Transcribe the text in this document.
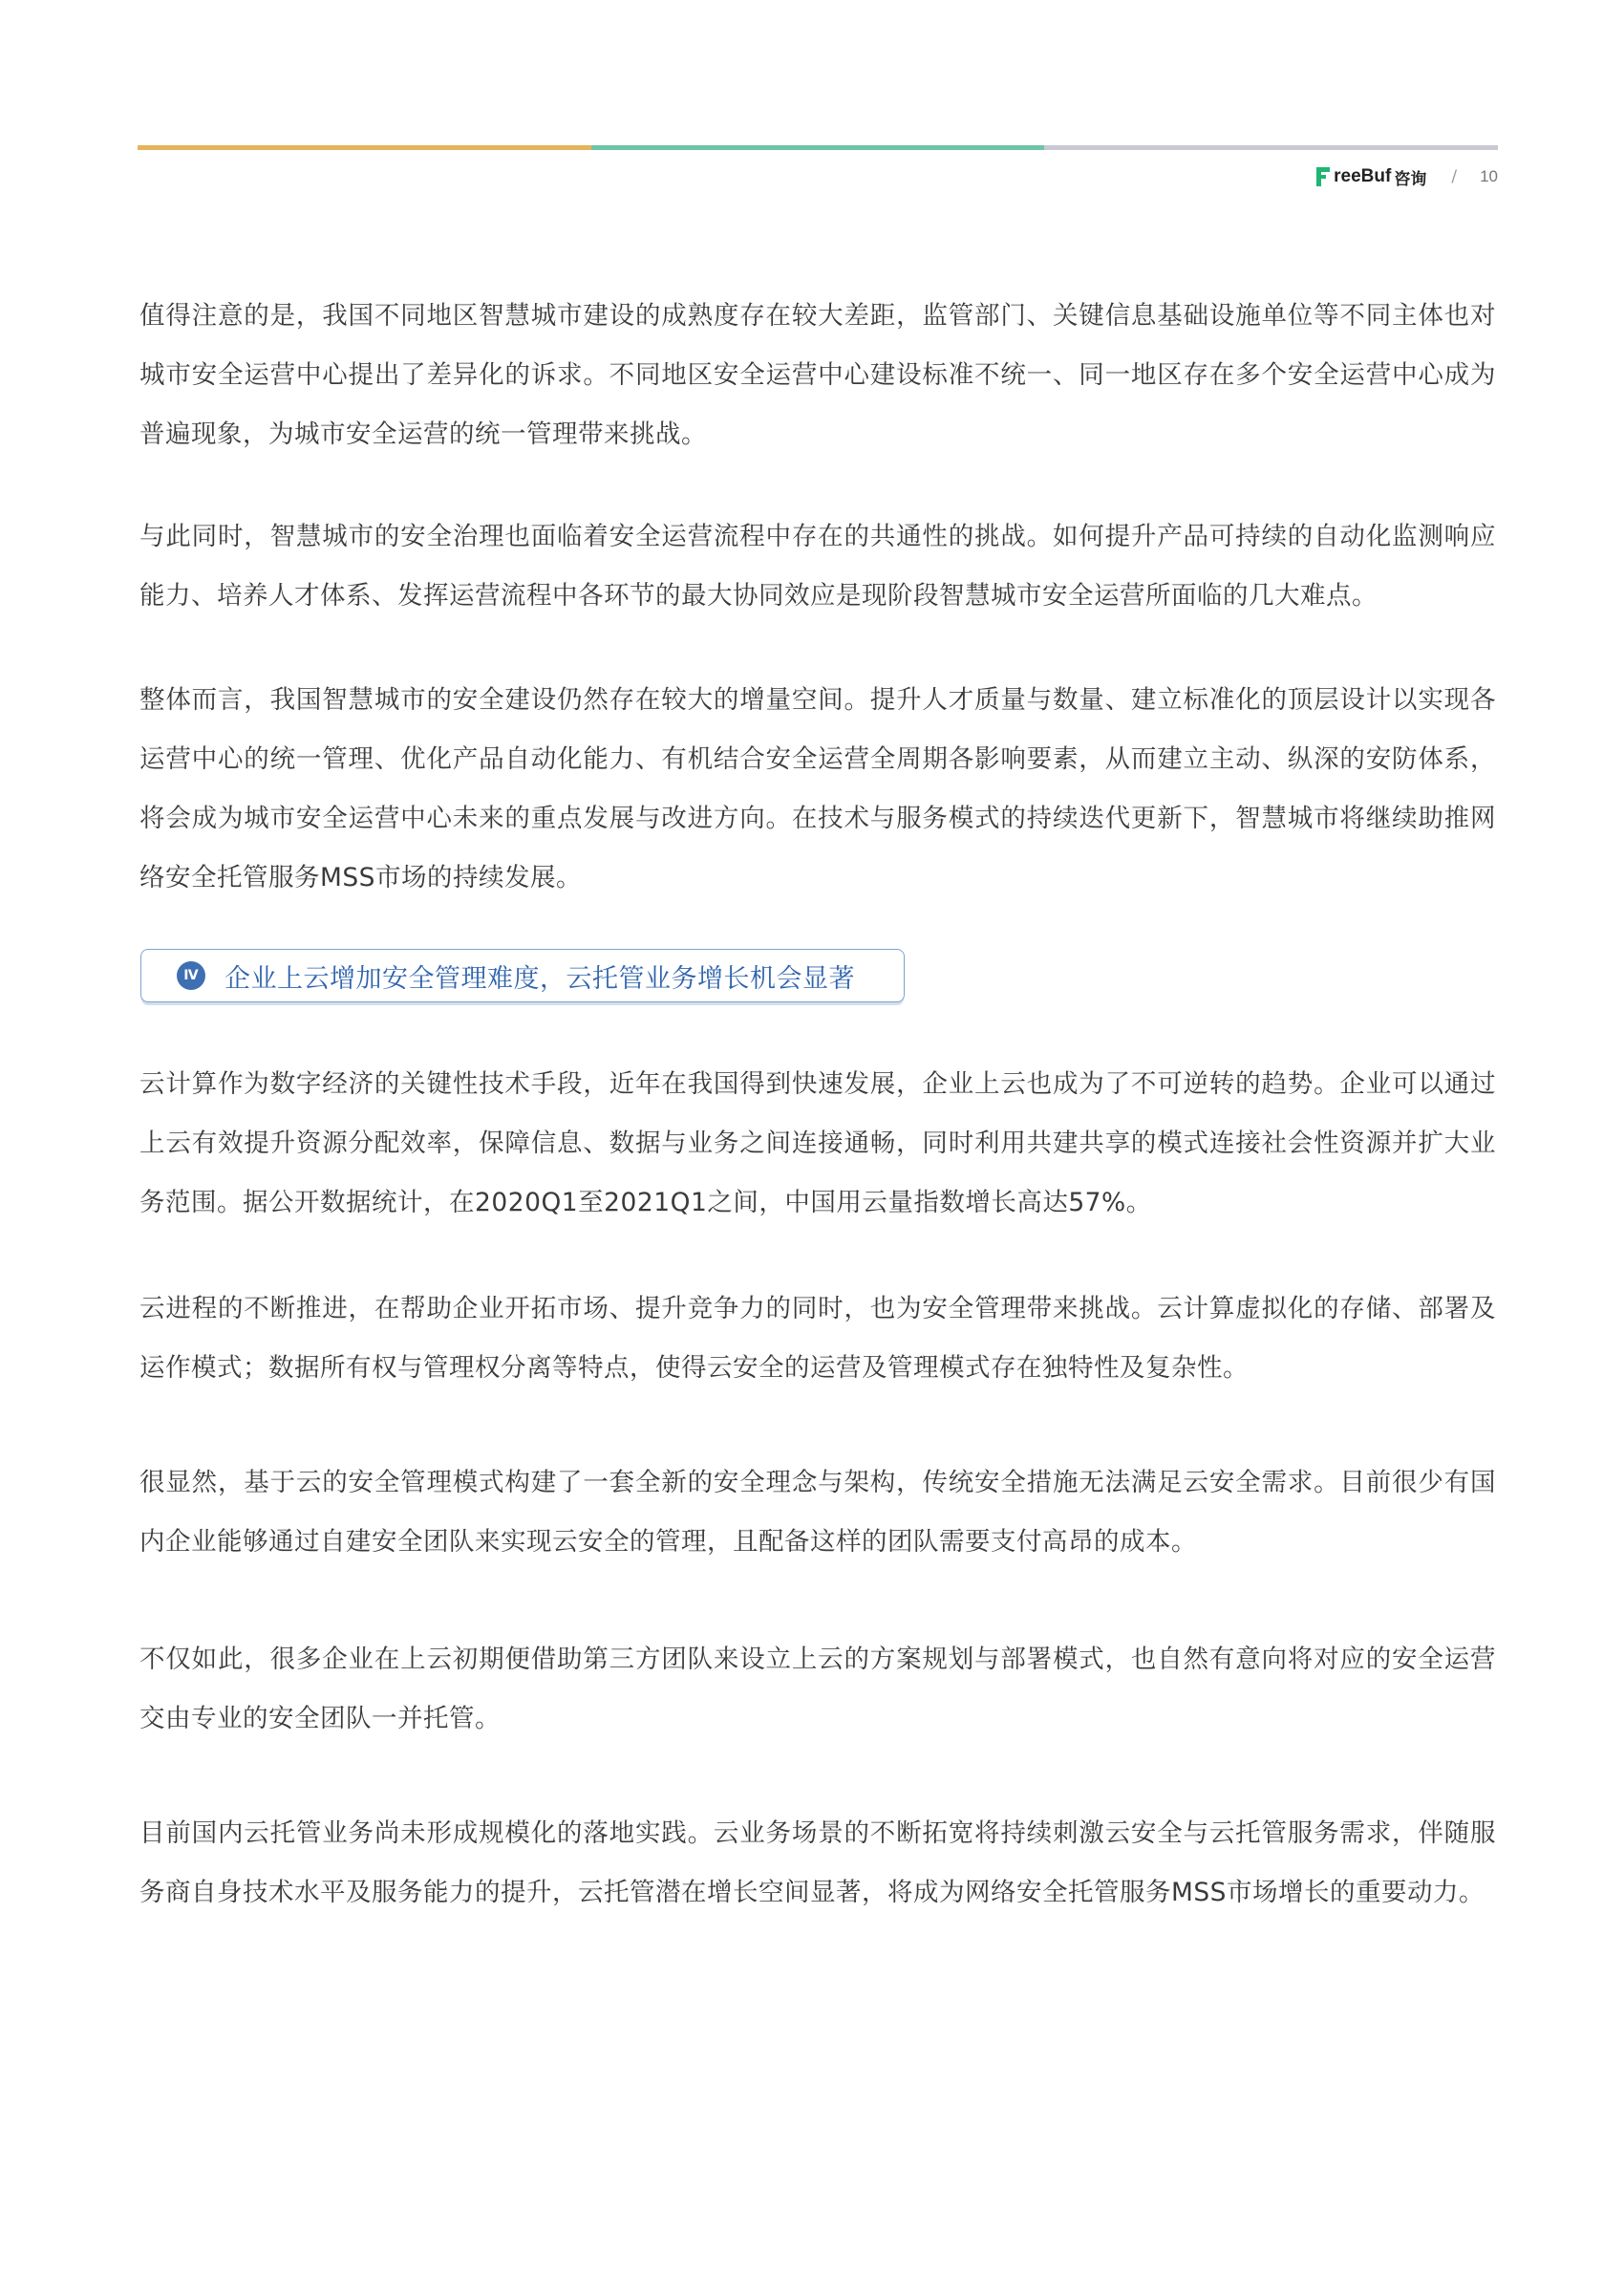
reeBuf 咨询 / 10

值得注意的是，我国不同地区智慧城市建设的成熟度存在较大差距，监管部门、关键信息基础设施单位等不同主体也对城市安全运营中心提出了差异化的诉求。不同地区安全运营中心建设标准不统一、同一地区存在多个安全运营中心成为普遍现象，为城市安全运营的统一管理带来挑战。

与此同时，智慧城市的安全治理也面临着安全运营流程中存在的共通性的挑战。如何提升产品可持续的自动化监测响应能力、培养人才体系、发挥运营流程中各环节的最大协同效应是现阶段智慧城市安全运营所面临的几大难点。

整体而言，我国智慧城市的安全建设仍然存在较大的增量空间。提升人才质量与数量、建立标准化的顶层设计以实现各运营中心的统一管理、优化产品自动化能力、有机结合安全运营全周期各影响要素，从而建立主动、纵深的安防体系，将会成为城市安全运营中心未来的重点发展与改进方向。在技术与服务模式的持续迭代更新下，智慧城市将继续助推网络安全托管服务MSS市场的持续发展。

Ⅳ 企业上云增加安全管理难度，云托管业务增长机会显著

云计算作为数字经济的关键性技术手段，近年在我国得到快速发展，企业上云也成为了不可逆转的趋势。企业可以通过上云有效提升资源分配效率，保障信息、数据与业务之间连接通畅，同时利用共建共享的模式连接社会性资源并扩大业务范围。据公开数据统计，在2020Q1至2021Q1之间，中国用云量指数增长高达57%。

云进程的不断推进，在帮助企业开拓市场、提升竞争力的同时，也为安全管理带来挑战。云计算虚拟化的存储、部署及运作模式；数据所有权与管理权分离等特点，使得云安全的运营及管理模式存在独特性及复杂性。

很显然，基于云的安全管理模式构建了一套全新的安全理念与架构，传统安全措施无法满足云安全需求。目前很少有国内企业能够通过自建安全团队来实现云安全的管理，且配备这样的团队需要支付高昂的成本。

不仅如此，很多企业在上云初期便借助第三方团队来设立上云的方案规划与部署模式，也自然有意向将对应的安全运营交由专业的安全团队一并托管。

目前国内云托管业务尚未形成规模化的落地实践。云业务场景的不断拓宽将持续刺激云安全与云托管服务需求，伴随服务商自身技术水平及服务能力的提升，云托管潜在增长空间显著，将成为网络安全托管服务MSS市场增长的重要动力。
